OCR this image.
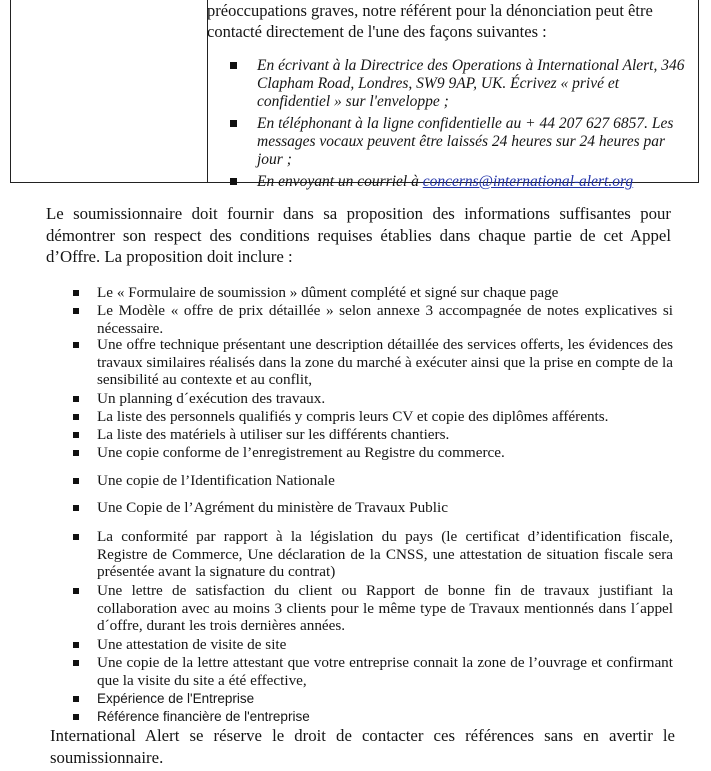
préoccupations graves, notre référent pour la dénonciation peut être contacté directement de l'une des façons suivantes :

En écrivant à la Directrice des Operations à International Alert, 346 Clapham Road, Londres, SW9 9AP, UK. Écrivez « privé et confidentiel » sur l'enveloppe ;
En téléphonant à la ligne confidentielle au + 44 207 627 6857. Les messages vocaux peuvent être laissés 24 heures sur 24 heures par jour ;
En envoyant un courriel à concerns@international-alert.org

Le soumissionnaire doit fournir dans sa proposition des informations suffisantes pour démontrer son respect des conditions requises établies dans chaque partie de cet Appel d’Offre. La proposition doit inclure :

Le « Formulaire de soumission » dûment complété et signé sur chaque page
Le Modèle « offre de prix détaillée » selon annexe 3 accompagnée de notes explicatives si nécessaire.
Une offre technique présentant une description détaillée des services offerts, les évidences des travaux similaires réalisés dans la zone du marché à exécuter ainsi que la prise en compte de la sensibilité au contexte et au conflit,
Un planning d´exécution des travaux.
La liste des personnels qualifiés y compris leurs CV et copie des diplômes afférents.
La liste des matériels à utiliser sur les différents chantiers.
Une copie conforme de l’enregistrement au Registre du commerce.
Une copie de l’Identification Nationale
Une Copie de l’Agrément du ministère de Travaux Public
La conformité par rapport à la législation du pays (le certificat d’identification fiscale, Registre de Commerce, Une déclaration de la CNSS, une attestation de situation fiscale sera présentée avant la signature du contrat)
Une lettre de satisfaction du client ou Rapport de bonne fin de travaux justifiant la collaboration avec au moins 3 clients pour le même type de Travaux mentionnés dans l´appel d´offre, durant les trois dernières années.
Une attestation de visite de site
Une copie de la lettre attestant que votre entreprise connait la zone de l’ouvrage et confirmant que la visite du site a été effective,
Expérience de l'Entreprise
Référence financière de l'entreprise

International Alert se réserve le droit de contacter ces références sans en avertir le soumissionnaire.
